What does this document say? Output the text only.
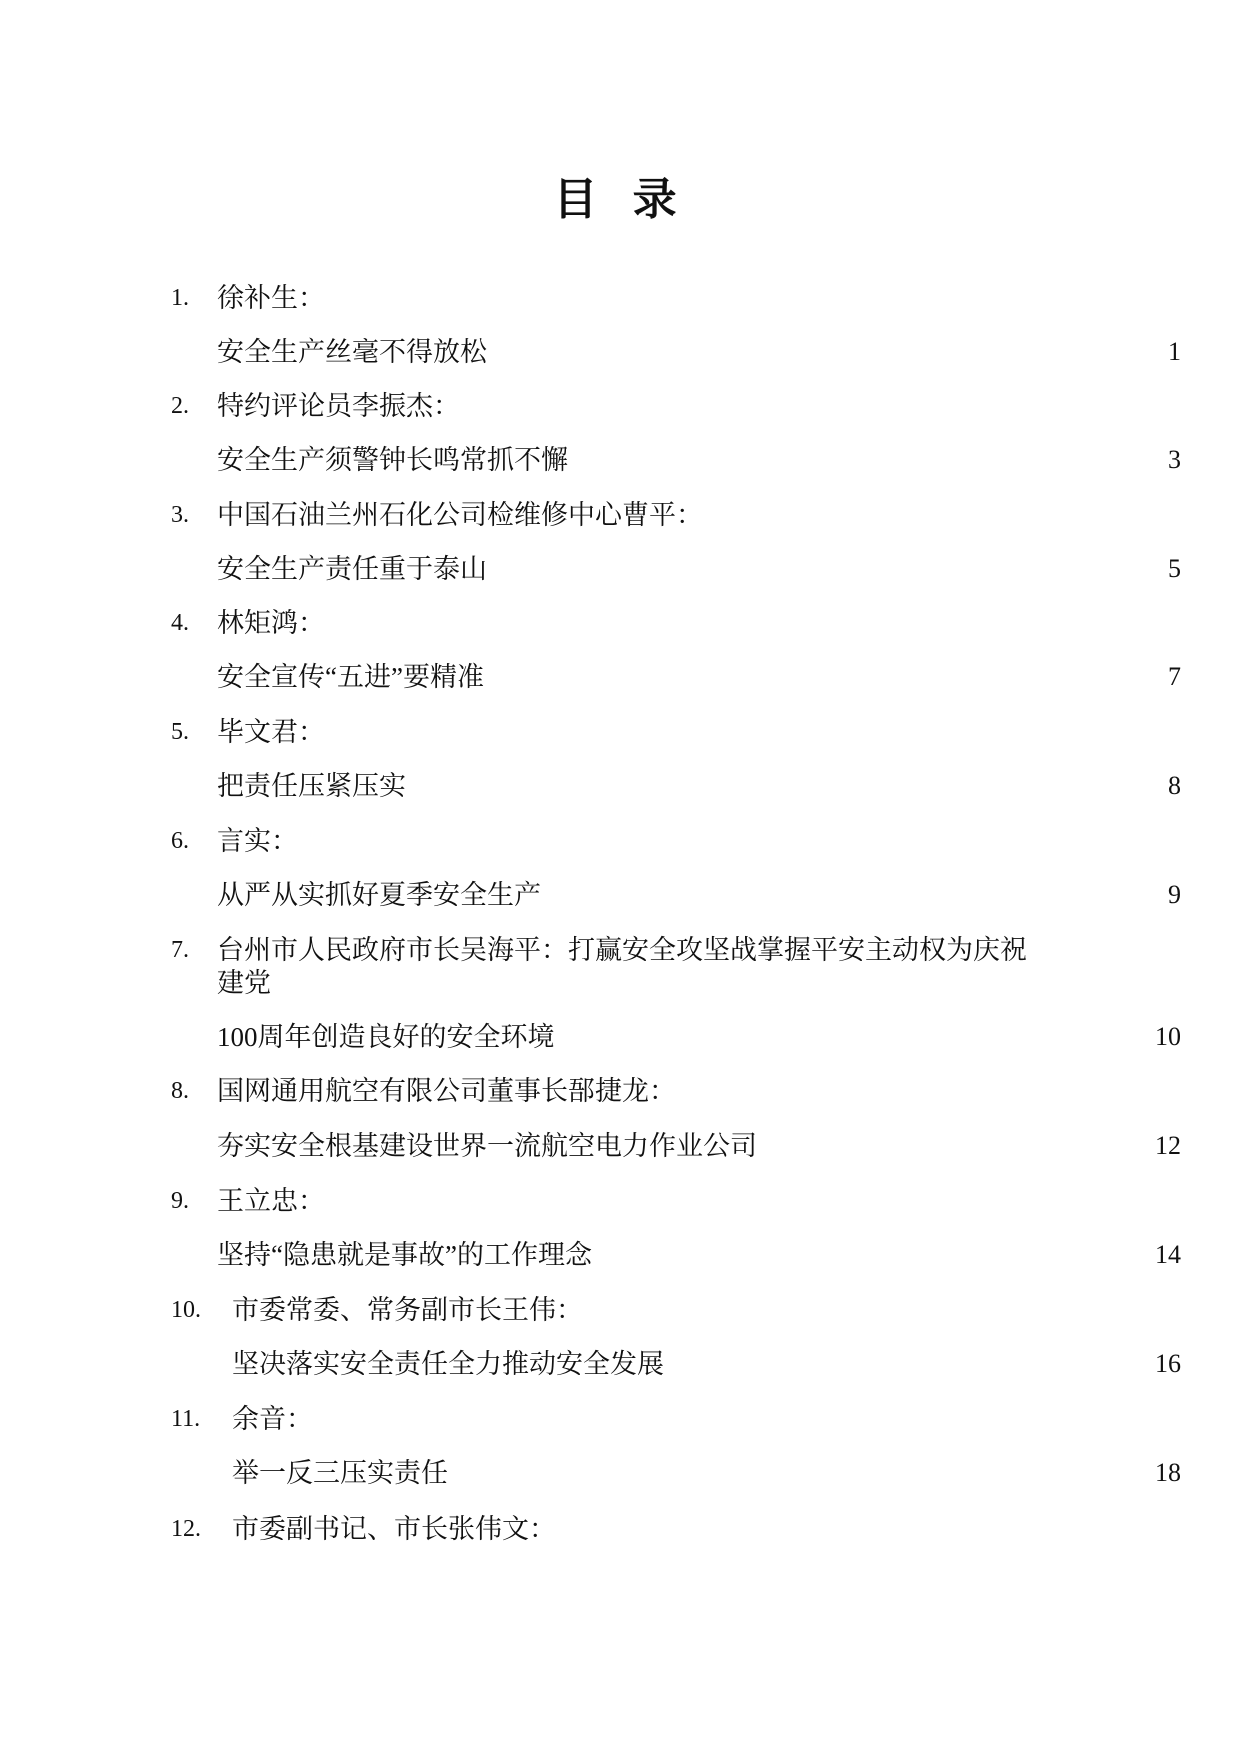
目 录
1. 徐补生：
安全生产丝毫不得放松	1
2. 特约评论员李振杰：
安全生产须警钟长鸣常抓不懈	3
3. 中国石油兰州石化公司检维修中心曹平：
安全生产责任重于泰山	5
4. 林矩鸿：
安全宣传“五进”要精准	7
5. 毕文君：
把责任压紧压实	8
6. 言实：
从严从实抓好夏季安全生产	9
7. 台州市人民政府市长吴海平：打赢安全攻坚战掌握平安主动权为庆祝
建党
100周年创造良好的安全环境	10
8. 国网通用航空有限公司董事长郚捷龙：
夯实安全根基建设世界一流航空电力作业公司	12
9. 王立忠：
坚持“隐患就是事故”的工作理念	14
10. 市委常委、常务副市长王伟：
坚决落实安全责任全力推动安全发展	16
11. 余音：
举一反三压实责任	18
12. 市委副书记、市长张伟文：
